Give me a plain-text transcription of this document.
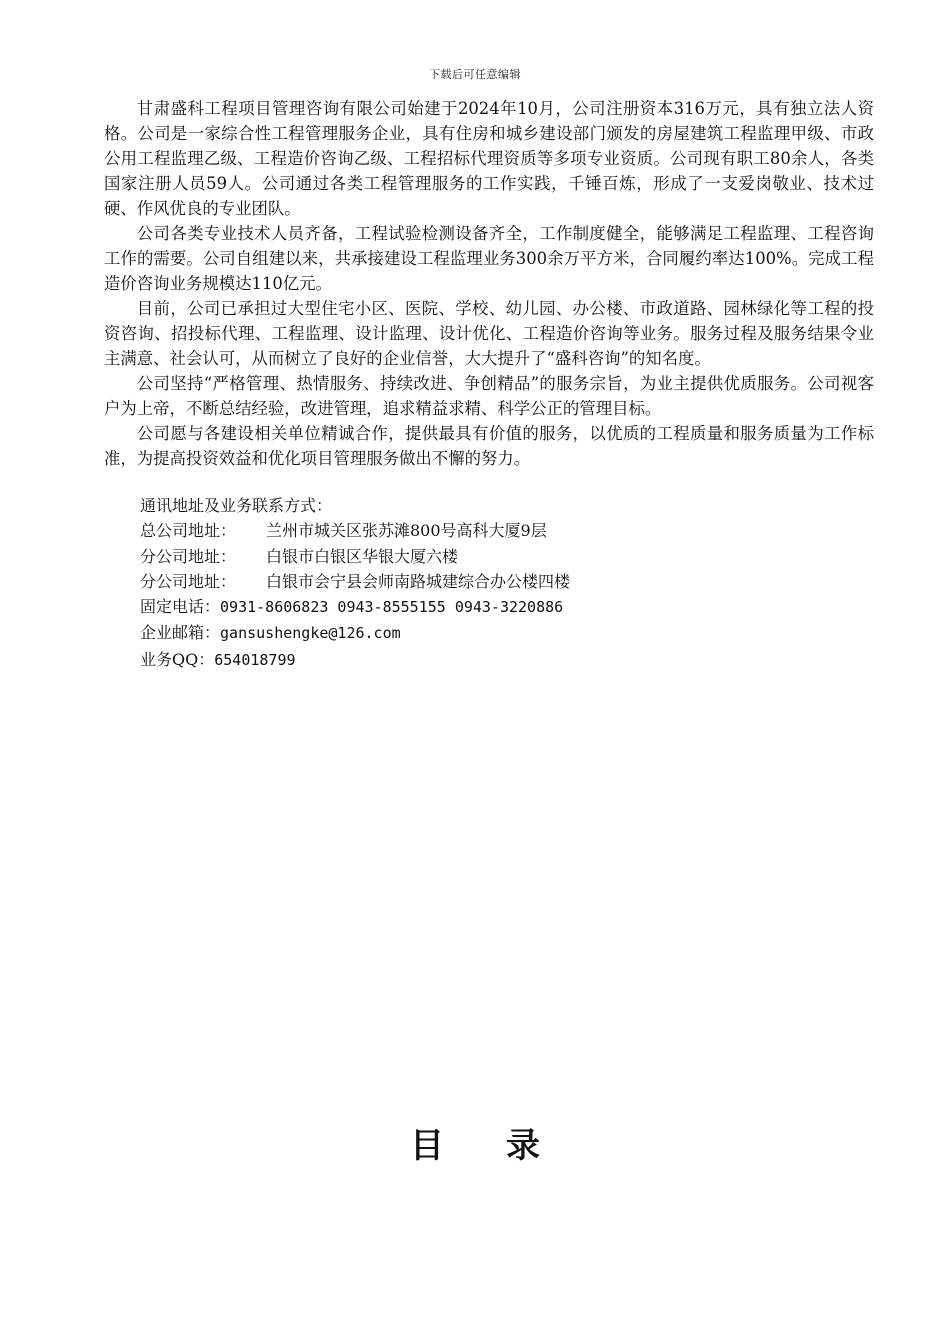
下载后可任意编辑

甘肃盛科工程项目管理咨询有限公司始建于2024年10月，公司注册资本316万元，具有独立法人资格。公司是一家综合性工程管理服务企业，具有住房和城乡建设部门颁发的房屋建筑工程监理甲级、市政公用工程监理乙级、工程造价咨询乙级、工程招标代理资质等多项专业资质。公司现有职工80余人，各类国家注册人员59人。公司通过各类工程管理服务的工作实践，千锤百炼，形成了一支爱岗敬业、技术过硬、作风优良的专业团队。

公司各类专业技术人员齐备，工程试验检测设备齐全，工作制度健全，能够满足工程监理、工程咨询工作的需要。公司自组建以来，共承接建设工程监理业务300余万平方米，合同履约率达100%。完成工程造价咨询业务规模达110亿元。

目前，公司已承担过大型住宅小区、医院、学校、幼儿园、办公楼、市政道路、园林绿化等工程的投资咨询、招投标代理、工程监理、设计监理、设计优化、工程造价咨询等业务。服务过程及服务结果令业主满意、社会认可，从而树立了良好的企业信誉，大大提升了“盛科咨询”的知名度。

公司坚持“严格管理、热情服务、持续改进、争创精品”的服务宗旨，为业主提供优质服务。公司视客户为上帝，不断总结经验，改进管理，追求精益求精、科学公正的管理目标。

公司愿与各建设相关单位精诚合作，提供最具有价值的服务，以优质的工程质量和服务质量为工作标准，为提高投资效益和优化项目管理服务做出不懈的努力。

通讯地址及业务联系方式：
总公司地址： 兰州市城关区张苏滩800号高科大厦9层
分公司地址： 白银市白银区华银大厦六楼
分公司地址： 白银市会宁县会师南路城建综合办公楼四楼
固定电话：0931-8606823 0943-8555155 0943-3220886
企业邮箱：gansushengke@126.com
业务QQ：654018799
目录
